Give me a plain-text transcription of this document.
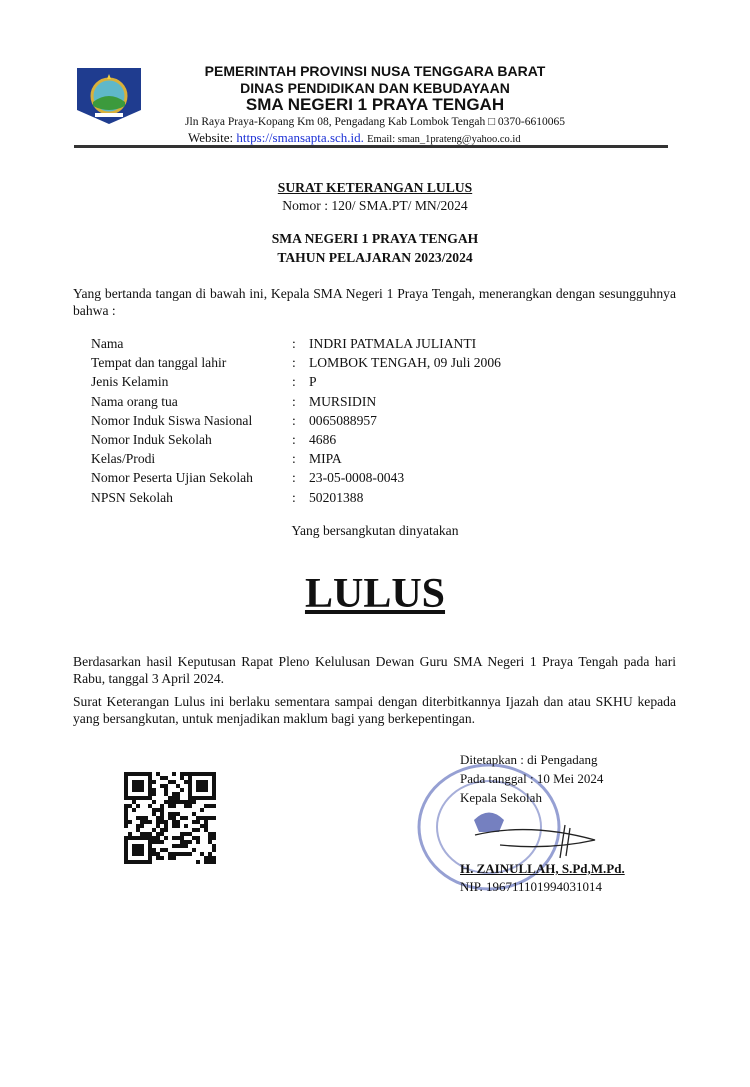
PEMERINTAH PROVINSI NUSA TENGGARA BARAT
DINAS PENDIDIKAN DAN KEBUDAYAAN
SMA NEGERI 1 PRAYA TENGAH
Jln Raya Praya-Kopang Km 08, Pengadang Kab Lombok Tengah □ 0370-6610065
Website: https://smansapta.sch.id. Email: sman_1prateng@yahoo.co.id
SURAT KETERANGAN LULUS
Nomor : 120/ SMA.PT/ MN/2024
SMA NEGERI 1 PRAYA TENGAH
TAHUN PELAJARAN 2023/2024
Yang bertanda tangan di bawah ini, Kepala SMA Negeri 1 Praya Tengah, menerangkan dengan sesungguhnya bahwa :
Nama	: INDRI PATMALA JULIANTI
Tempat dan tanggal lahir	: LOMBOK TENGAH, 09 Juli 2006
Jenis Kelamin	: P
Nama orang tua	: MURSIDIN
Nomor Induk Siswa Nasional	: 0065088957
Nomor Induk Sekolah	: 4686
Kelas/Prodi	: MIPA
Nomor Peserta Ujian Sekolah	: 23-05-0008-0043
NPSN Sekolah	: 50201388
Yang bersangkutan dinyatakan
LULUS
Berdasarkan hasil Keputusan Rapat Pleno Kelulusan Dewan Guru SMA Negeri 1 Praya Tengah pada hari Rabu, tanggal 3 April 2024.
Surat Keterangan Lulus ini berlaku sementara sampai dengan diterbitkannya Ijazah dan atau SKHU kepada yang bersangkutan, untuk menjadikan maklum bagi yang berkepentingan.
Ditetapkan : di Pengadang
Pada tanggal : 10 Mei 2024
Kepala Sekolah
H. ZAINULLAH, S.Pd,M.Pd.
NIP. 196711101994031014
